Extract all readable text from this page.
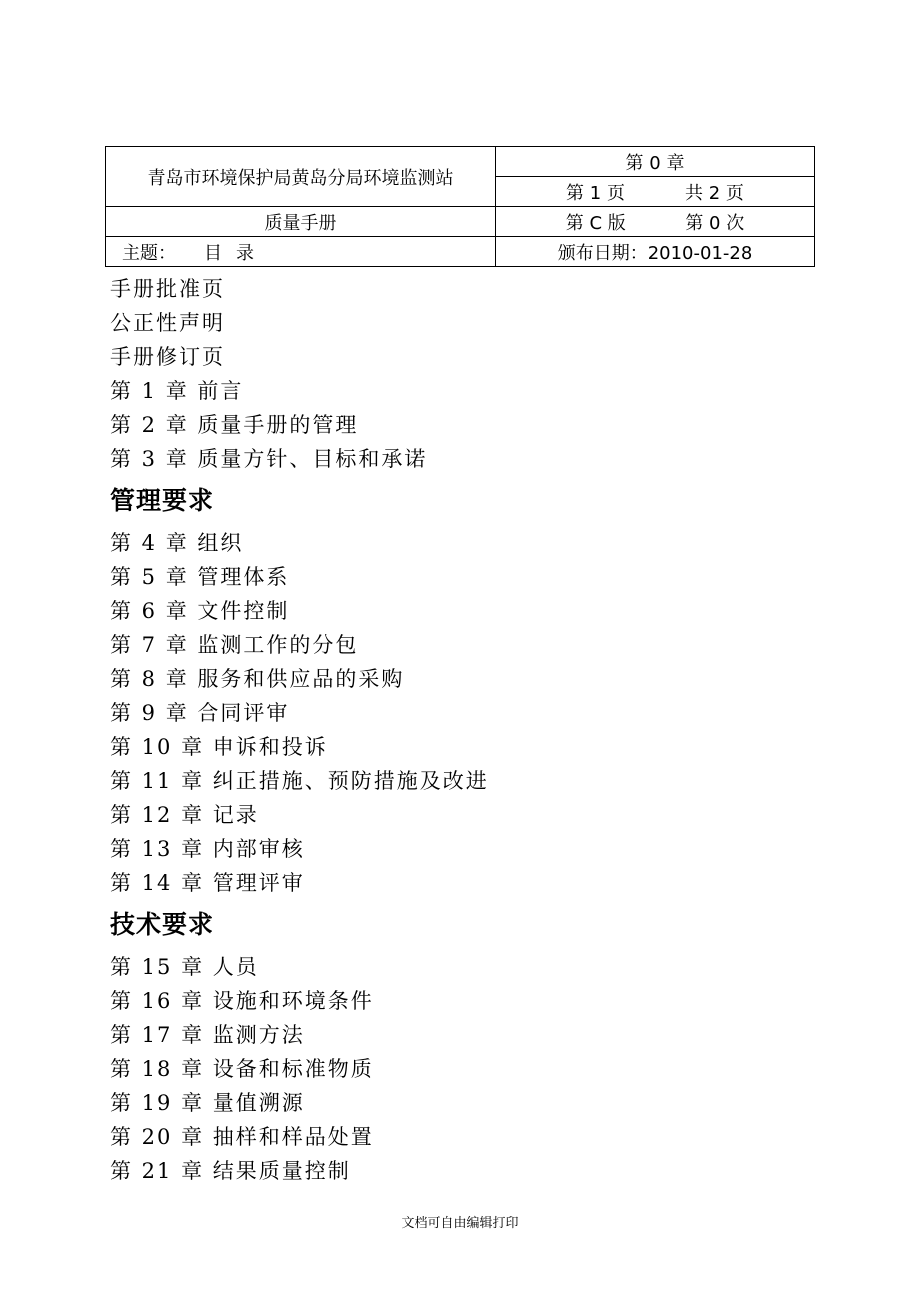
青岛市环境保护局黄岛分局环境监测站	第 0 章

	第 1 页 共 2 页

质量手册	第 C 版 第 0 次

主题： 目录	颁布日期：2010-01-28
手册批准页
公正性声明
手册修订页
第 1 章 前言
第 2 章 质量手册的管理
第 3 章 质量方针、目标和承诺
管理要求
第 4 章 组织
第 5 章 管理体系
第 6 章 文件控制
第 7 章 监测工作的分包
第 8 章 服务和供应品的采购
第 9 章 合同评审
第 10 章 申诉和投诉
第 11 章 纠正措施、预防措施及改进
第 12 章 记录
第 13 章 内部审核
第 14 章 管理评审
技术要求
第 15 章 人员
第 16 章 设施和环境条件
第 17 章 监测方法
第 18 章 设备和标准物质
第 19 章 量值溯源
第 20 章 抽样和样品处置
第 21 章 结果质量控制
文档可自由编辑打印
